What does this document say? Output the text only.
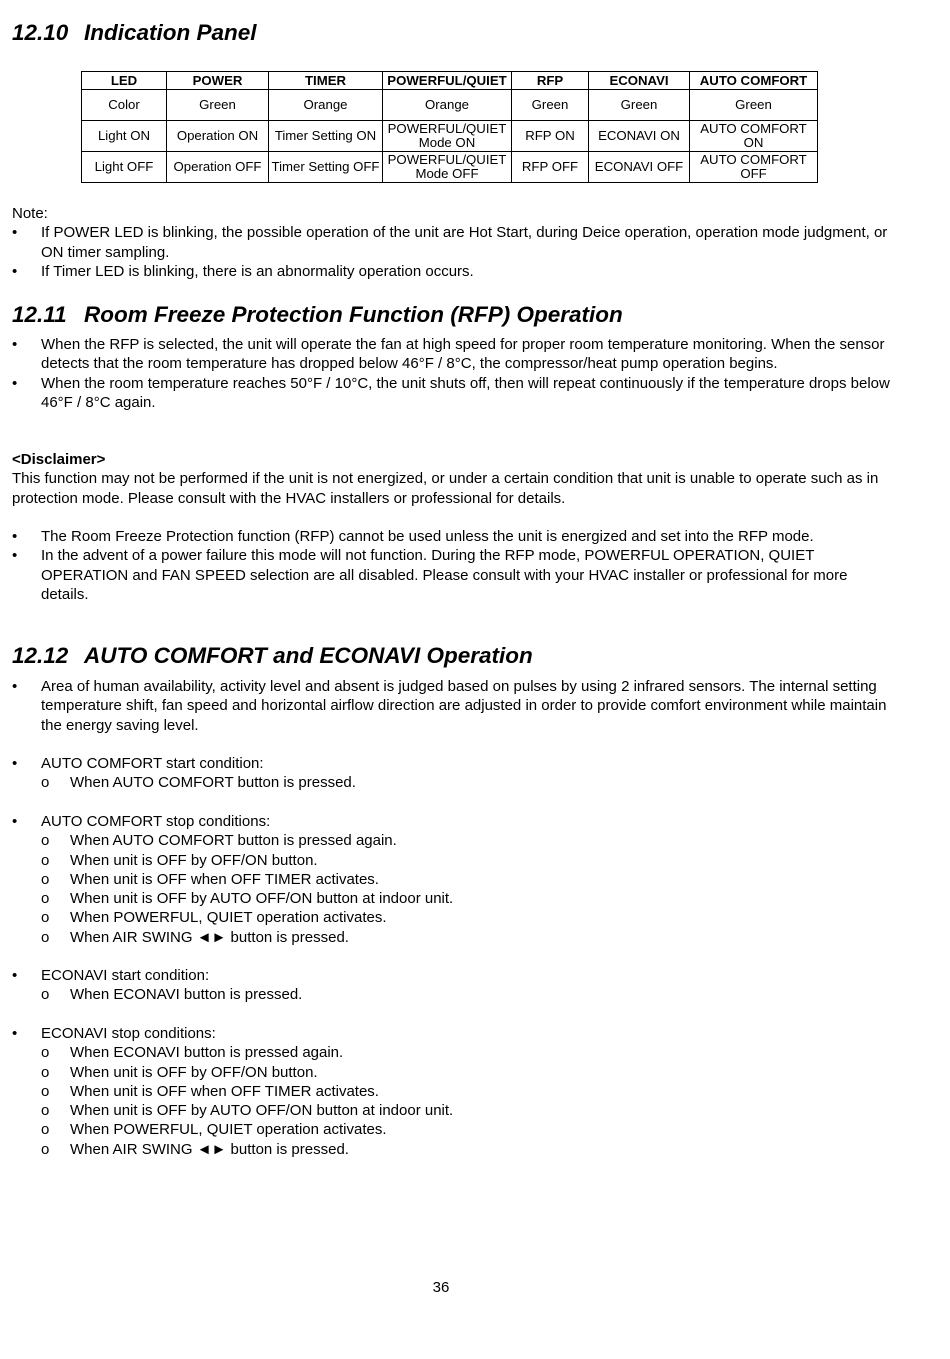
12.10 Indication Panel
LED	POWER	TIMER	POWERFUL/QUIET	RFP	ECONAVI	AUTO COMFORT
Color	Green	Orange	Orange	Green	Green	Green
Light ON	Operation ON	Timer Setting ON	POWERFUL/QUIET Mode ON	RFP ON	ECONAVI ON	AUTO COMFORT ON
Light OFF	Operation OFF	Timer Setting OFF	POWERFUL/QUIET Mode OFF	RFP OFF	ECONAVI OFF	AUTO COMFORT OFF
Note:
• If POWER LED is blinking, the possible operation of the unit are Hot Start, during Deice operation, operation mode judgment, or ON timer sampling.
• If Timer LED is blinking, there is an abnormality operation occurs.
12.11 Room Freeze Protection Function (RFP) Operation
• When the RFP is selected, the unit will operate the fan at high speed for proper room temperature monitoring. When the sensor detects that the room temperature has dropped below 46°F / 8°C, the compressor/heat pump operation begins.
• When the room temperature reaches 50°F / 10°C, the unit shuts off, then will repeat continuously if the temperature drops below 46°F / 8°C again.
<Disclaimer>
This function may not be performed if the unit is not energized, or under a certain condition that unit is unable to operate such as in protection mode. Please consult with the HVAC installers or professional for details.
• The Room Freeze Protection function (RFP) cannot be used unless the unit is energized and set into the RFP mode.
• In the advent of a power failure this mode will not function. During the RFP mode, POWERFUL OPERATION, QUIET OPERATION and FAN SPEED selection are all disabled. Please consult with your HVAC installer or professional for more details.
12.12 AUTO COMFORT and ECONAVI Operation
• Area of human availability, activity level and absent is judged based on pulses by using 2 infrared sensors. The internal setting temperature shift, fan speed and horizontal airflow direction are adjusted in order to provide comfort environment while maintain the energy saving level.
• AUTO COMFORT start condition:
o When AUTO COMFORT button is pressed.
• AUTO COMFORT stop conditions:
o When AUTO COMFORT button is pressed again.
o When unit is OFF by OFF/ON button.
o When unit is OFF when OFF TIMER activates.
o When unit is OFF by AUTO OFF/ON button at indoor unit.
o When POWERFUL, QUIET operation activates.
o When AIR SWING ◄► button is pressed.
• ECONAVI start condition:
o When ECONAVI button is pressed.
• ECONAVI stop conditions:
o When ECONAVI button is pressed again.
o When unit is OFF by OFF/ON button.
o When unit is OFF when OFF TIMER activates.
o When unit is OFF by AUTO OFF/ON button at indoor unit.
o When POWERFUL, QUIET operation activates.
o When AIR SWING ◄► button is pressed.
36
